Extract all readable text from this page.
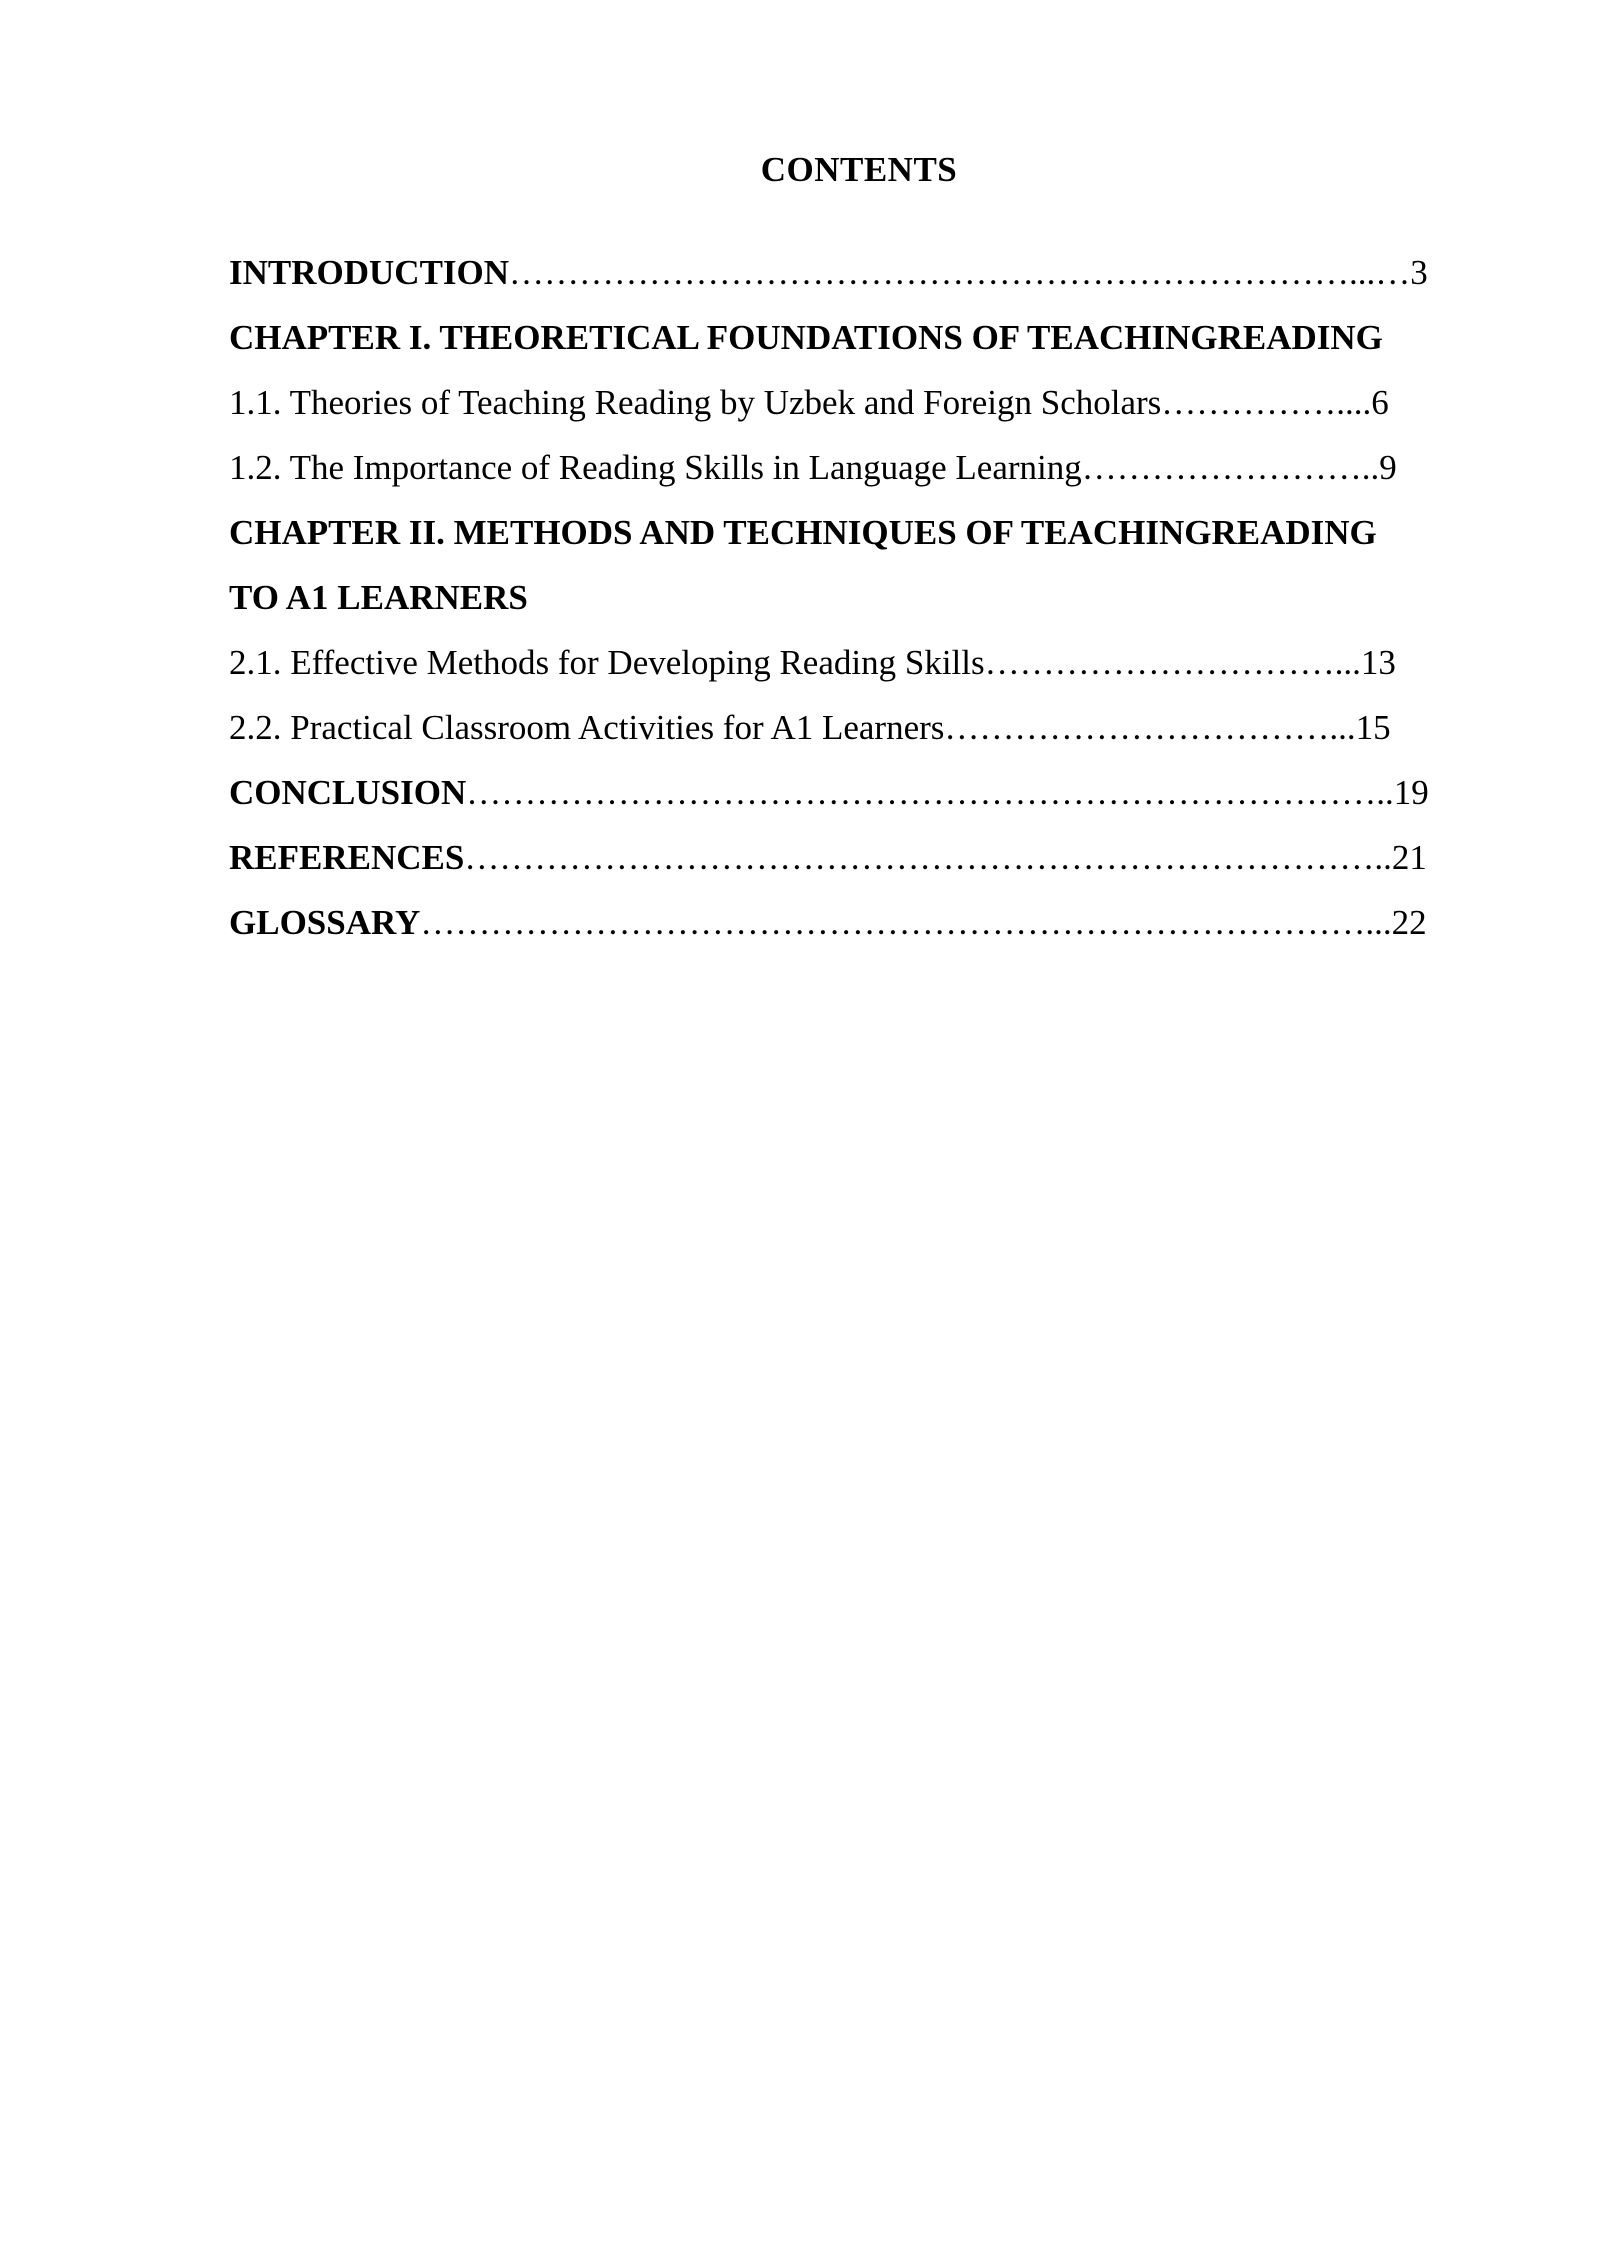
CONTENTS
INTRODUCTION………………………………………………………………...…3
CHAPTER I. THEORETICAL FOUNDATIONS OF TEACHINGREADING
1.1. Theories of Teaching Reading by Uzbek and Foreign Scholars……………....6
1.2. The Importance of Reading Skills in Language Learning……………………..9
CHAPTER II. METHODS AND TECHNIQUES OF TEACHINGREADING
TO A1 LEARNERS
2.1. Effective Methods for Developing Reading Skills…………………………...13
2.2. Practical Classroom Activities for A1 Learners……………………………...15
CONCLUSION……………………………………………………………………..19
REFERENCES……………………………………………………………………..21
GLOSSARY………………………………………………………………………...22
